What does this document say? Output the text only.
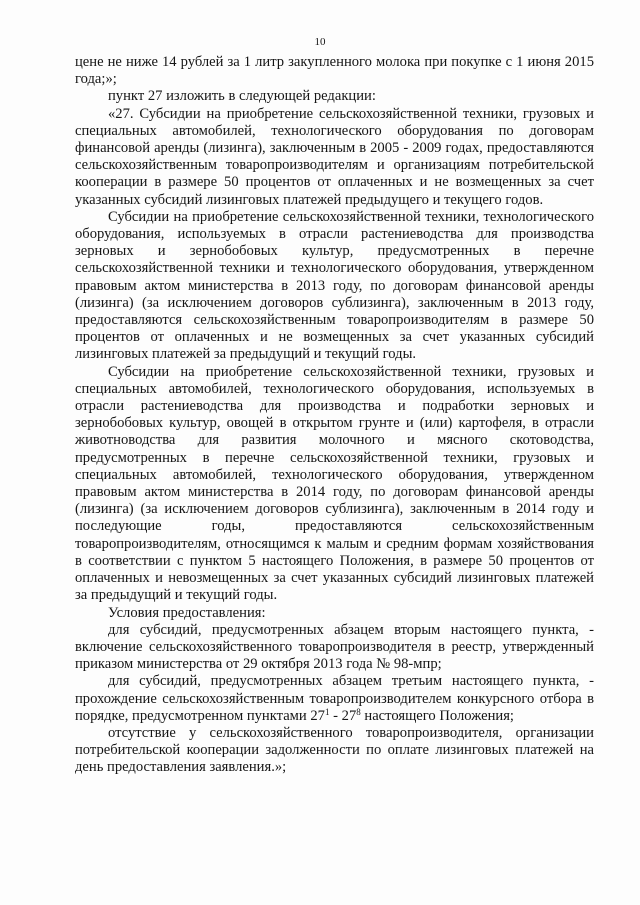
10

цене не ниже 14 рублей за 1 литр закупленного молока при покупке с 1 июня 2015 года;»;

пункт 27 изложить в следующей редакции:

«27. Субсидии на приобретение сельскохозяйственной техники, грузовых и специальных автомобилей, технологического оборудования по договорам финансовой аренды (лизинга), заключенным в 2005 - 2009 годах, предоставляются сельскохозяйственным товаропроизводителям и организациям потребительской кооперации в размере 50 процентов от оплаченных и не возмещенных за счет указанных субсидий лизинговых платежей предыдущего и текущего годов.

Субсидии на приобретение сельскохозяйственной техники, технологического оборудования, используемых в отрасли растениеводства для производства зерновых и зернобобовых культур, предусмотренных в перечне сельскохозяйственной техники и технологического оборудования, утвержденном правовым актом министерства в 2013 году, по договорам финансовой аренды (лизинга) (за исключением договоров сублизинга), заключенным в 2013 году, предоставляются сельскохозяйственным товаропроизводителям в размере 50 процентов от оплаченных и не возмещенных за счет указанных субсидий лизинговых платежей за предыдущий и текущий годы.

Субсидии на приобретение сельскохозяйственной техники, грузовых и специальных автомобилей, технологического оборудования, используемых в отрасли растениеводства для производства и подработки зерновых и зернобобовых культур, овощей в открытом грунте и (или) картофеля, в отрасли животноводства для развития молочного и мясного скотоводства, предусмотренных в перечне сельскохозяйственной техники, грузовых и специальных автомобилей, технологического оборудования, утвержденном правовым актом министерства в 2014 году, по договорам финансовой аренды (лизинга) (за исключением договоров сублизинга), заключенным в 2014 году и последующие годы, предоставляются сельскохозяйственным товаропроизводителям, относящимся к малым и средним формам хозяйствования в соответствии с пунктом 5 настоящего Положения, в размере 50 процентов от оплаченных и невозмещенных за счет указанных субсидий лизинговых платежей за предыдущий и текущий годы.

Условия предоставления:

для субсидий, предусмотренных абзацем вторым настоящего пункта, - включение сельскохозяйственного товаропроизводителя в реестр, утвержденный приказом министерства от 29 октября 2013 года № 98-мпр;

для субсидий, предусмотренных абзацем третьим настоящего пункта, - прохождение сельскохозяйственным товаропроизводителем конкурсного отбора в порядке, предусмотренном пунктами $27^1 - 27^8$ настоящего Положения;

отсутствие у сельскохозяйственного товаропроизводителя, организации потребительской кооперации задолженности по оплате лизинговых платежей на день предоставления заявления.»;
